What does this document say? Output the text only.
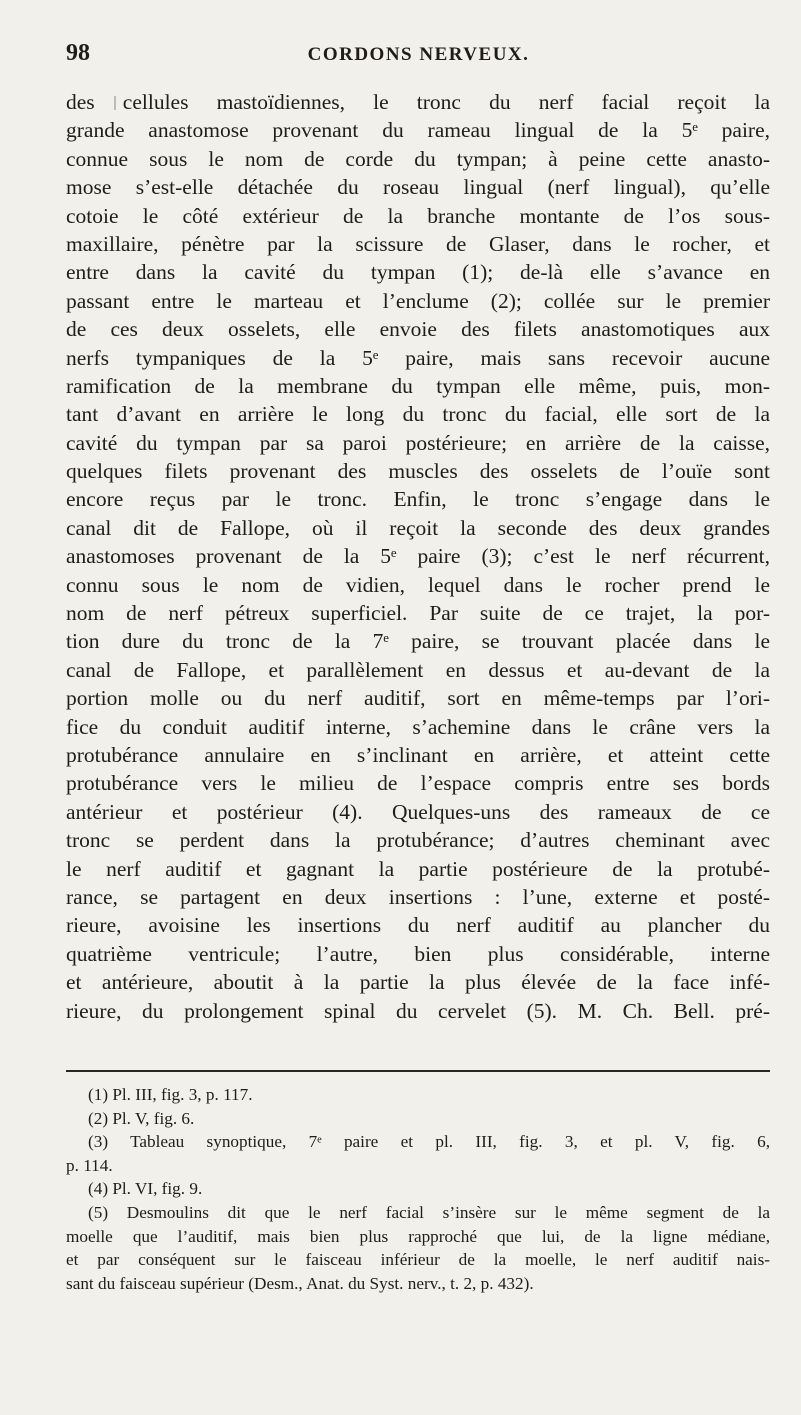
98	CORDONS NERVEUX.
des cellules mastoïdiennes, le tronc du nerf facial reçoit la
grande anastomose provenant du rameau lingual de la 5ᵉ paire,
connue sous le nom de corde du tympan; à peine cette anasto-
mose s’est-elle détachée du roseau lingual (nerf lingual), qu’elle
cotoie le côté extérieur de la branche montante de l’os sous-
maxillaire, pénètre par la scissure de Glaser, dans le rocher, et
entre dans la cavité du tympan (1); de-là elle s’avance en
passant entre le marteau et l’enclume (2); collée sur le premier
de ces deux osselets, elle envoie des filets anastomotiques aux
nerfs tympaniques de la 5ᵉ paire, mais sans recevoir aucune
ramification de la membrane du tympan elle même, puis, mon-
tant d’avant en arrière le long du tronc du facial, elle sort de la
cavité du tympan par sa paroi postérieure; en arrière de la caisse,
quelques filets provenant des muscles des osselets de l’ouïe sont
encore reçus par le tronc. Enfin, le tronc s’engage dans le
canal dit de Fallope, où il reçoit la seconde des deux grandes
anastomoses provenant de la 5ᵉ paire (3); c’est le nerf récurrent,
connu sous le nom de vidien, lequel dans le rocher prend le
nom de nerf pétreux superficiel. Par suite de ce trajet, la por-
tion dure du tronc de la 7ᵉ paire, se trouvant placée dans le
canal de Fallope, et parallèlement en dessus et au-devant de la
portion molle ou du nerf auditif, sort en même-temps par l’ori-
fice du conduit auditif interne, s’achemine dans le crâne vers la
protubérance annulaire en s’inclinant en arrière, et atteint cette
protubérance vers le milieu de l’espace compris entre ses bords
antérieur et postérieur (4). Quelques-uns des rameaux de ce
tronc se perdent dans la protubérance; d’autres cheminant avec
le nerf auditif et gagnant la partie postérieure de la protubé-
rance, se partagent en deux insertions : l’une, externe et posté-
rieure, avoisine les insertions du nerf auditif au plancher du
quatrième ventricule; l’autre, bien plus considérable, interne
et antérieure, aboutit à la partie la plus élevée de la face infé-
rieure, du prolongement spinal du cervelet (5). M. Ch. Bell. pré-
(1) Pl. III, fig. 3, p. 117.
(2) Pl. V, fig. 6.
(3) Tableau synoptique, 7ᵉ paire et pl. III, fig. 3, et pl. V, fig. 6,
p. 114.
(4) Pl. VI, fig. 9.
(5) Desmoulins dit que le nerf facial s’insère sur le même segment de la
moelle que l’auditif, mais bien plus rapproché que lui, de la ligne médiane,
et par conséquent sur le faisceau inférieur de la moelle, le nerf auditif nais-
sant du faisceau supérieur (Desm., Anat. du Syst. nerv., t. 2, p. 432).
